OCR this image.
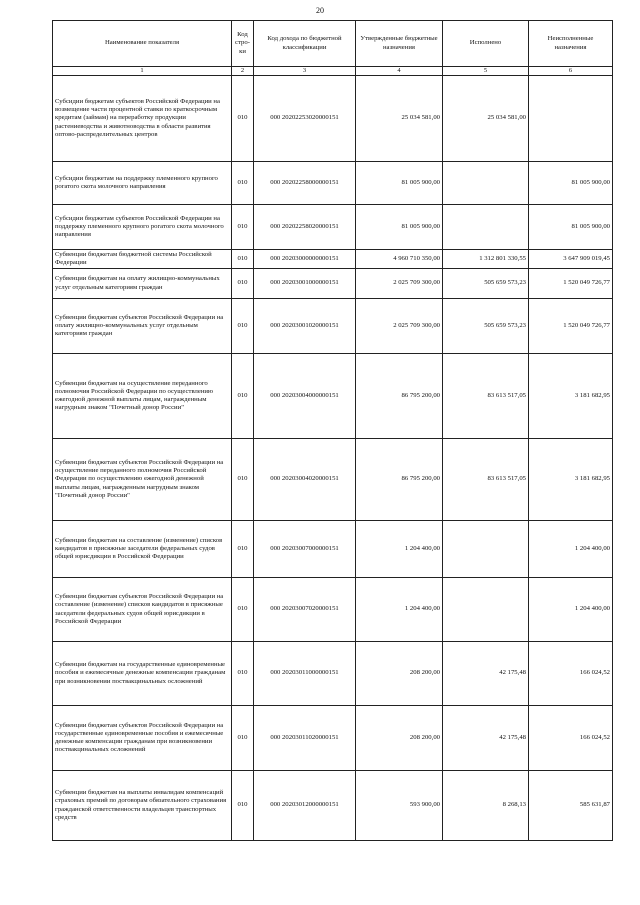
20
Наименование показателя	Код стро-ки	Код дохода по бюджетной классификации	Утвержденные бюджетные назначения	Исполнено	Неисполненные назначения
1	2	3	4	5	6
Субсидии бюджетам субъектов Российской Федерации на возмещение части процентной ставки по краткосрочным кредитам (займам) на переработку продукции растениеводства и животноводства в области развития оптово-распределительных центров	010	000 20202253020000151	25 034 581,00	25 034 581,00	
Субсидии бюджетам на поддержку племенного крупного рогатого скота молочного направления	010	000 20202258000000151	81 005 900,00		81 005 900,00
Субсидии бюджетам субъектов Российской Федерации на поддержку племенного крупного рогатого скота молочного направления	010	000 20202258020000151	81 005 900,00		81 005 900,00
Субвенции бюджетам бюджетной системы Российской Федерации	010	000 20203000000000151	4 960 710 350,00	1 312 801 330,55	3 647 909 019,45
Субвенции бюджетам на оплату жилищно-коммунальных услуг отдельным категориям граждан	010	000 20203001000000151	2 025 709 300,00	505 659 573,23	1 520 049 726,77
Субвенции бюджетам субъектов Российской Федерации на оплату жилищно-коммунальных услуг отдельным категориям граждан	010	000 20203001020000151	2 025 709 300,00	505 659 573,23	1 520 049 726,77
Субвенции бюджетам на осуществление переданного полномочия Российской Федерации по осуществлению ежегодной денежной выплаты лицам, награжденным нагрудным знаком "Почетный донор России"	010	000 20203004000000151	86 795 200,00	83 613 517,05	3 181 682,95
Субвенции бюджетам субъектов Российской Федерации на осуществление переданного полномочия Российской Федерации по осуществлению ежегодной денежной выплаты лицам, награжденным нагрудным знаком "Почетный донор России"	010	000 20203004020000151	86 795 200,00	83 613 517,05	3 181 682,95
Субвенции бюджетам на составление (изменение) списков кандидатов в присяжные заседатели федеральных судов общей юрисдикции в Российской Федерации	010	000 20203007000000151	1 204 400,00		1 204 400,00
Субвенции бюджетам субъектов Российской Федерации на составление (изменение) списков кандидатов в присяжные заседатели федеральных судов общей юрисдикции в Российской Федерации	010	000 20203007020000151	1 204 400,00		1 204 400,00
Субвенции бюджетам на государственные единовременные пособия и ежемесячные денежные компенсации гражданам при возникновении поствакцинальных осложнений	010	000 20203011000000151	208 200,00	42 175,48	166 024,52
Субвенции бюджетам субъектов Российской Федерации на государственные единовременные пособия и ежемесячные денежные компенсации гражданам при возникновении поствакцинальных осложнений	010	000 20203011020000151	208 200,00	42 175,48	166 024,52
Субвенции бюджетам на выплаты инвалидам компенсаций страховых премий по договорам обязательного страхования гражданской ответственности владельцев транспортных средств	010	000 20203012000000151	593 900,00	8 268,13	585 631,87
